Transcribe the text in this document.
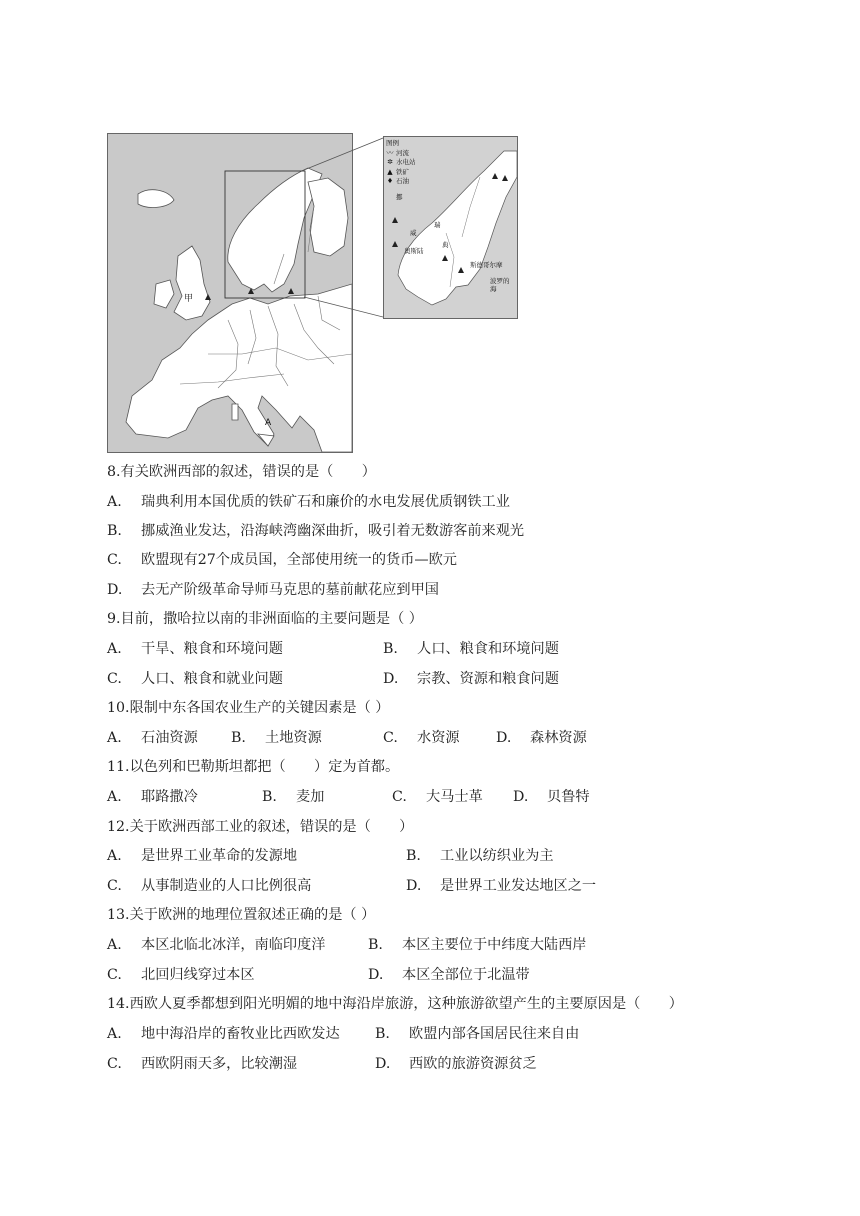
甲
A
图例
〰 河流
✲ 水电站
▲ 铁矿
♦ 石油
挪
威
瑞
典
奥斯陆
斯德哥尔摩
波罗的海
8.有关欧洲西部的叙述，错误的是（　　）
A. 瑞典利用本国优质的铁矿石和廉价的水电发展优质钢铁工业
B. 挪威渔业发达，沿海峡湾幽深曲折，吸引着无数游客前来观光
C. 欧盟现有27个成员国，全部使用统一的货币—欧元
D. 去无产阶级革命导师马克思的墓前献花应到甲国
9.目前，撒哈拉以南的非洲面临的主要问题是（ ）
A. 干旱、粮食和环境问题	B. 人口、粮食和环境问题
C. 人口、粮食和就业问题	D. 宗教、资源和粮食问题
10.限制中东各国农业生产的关键因素是（ ）
A. 石油资源 B. 土地资源	C. 水资源	D. 森林资源
11.以色列和巴勒斯坦都把（　　）定为首都。
A. 耶路撒冷	B. 麦加	C. 大马士革 D. 贝鲁特
12.关于欧洲西部工业的叙述，错误的是（　　）
A. 是世界工业革命的发源地	B. 工业以纺织业为主
C. 从事制造业的人口比例很高	D. 是世界工业发达地区之一
13.关于欧洲的地理位置叙述正确的是（ ）
A. 本区北临北冰洋，南临印度洋	B. 本区主要位于中纬度大陆西岸
C. 北回归线穿过本区	D. 本区全部位于北温带
14.西欧人夏季都想到阳光明媚的地中海沿岸旅游，这种旅游欲望产生的主要原因是（　　）
A. 地中海沿岸的畜牧业比西欧发达 B. 欧盟内部各国居民往来自由
C. 西欧阴雨天多，比较潮湿	D. 西欧的旅游资源贫乏
